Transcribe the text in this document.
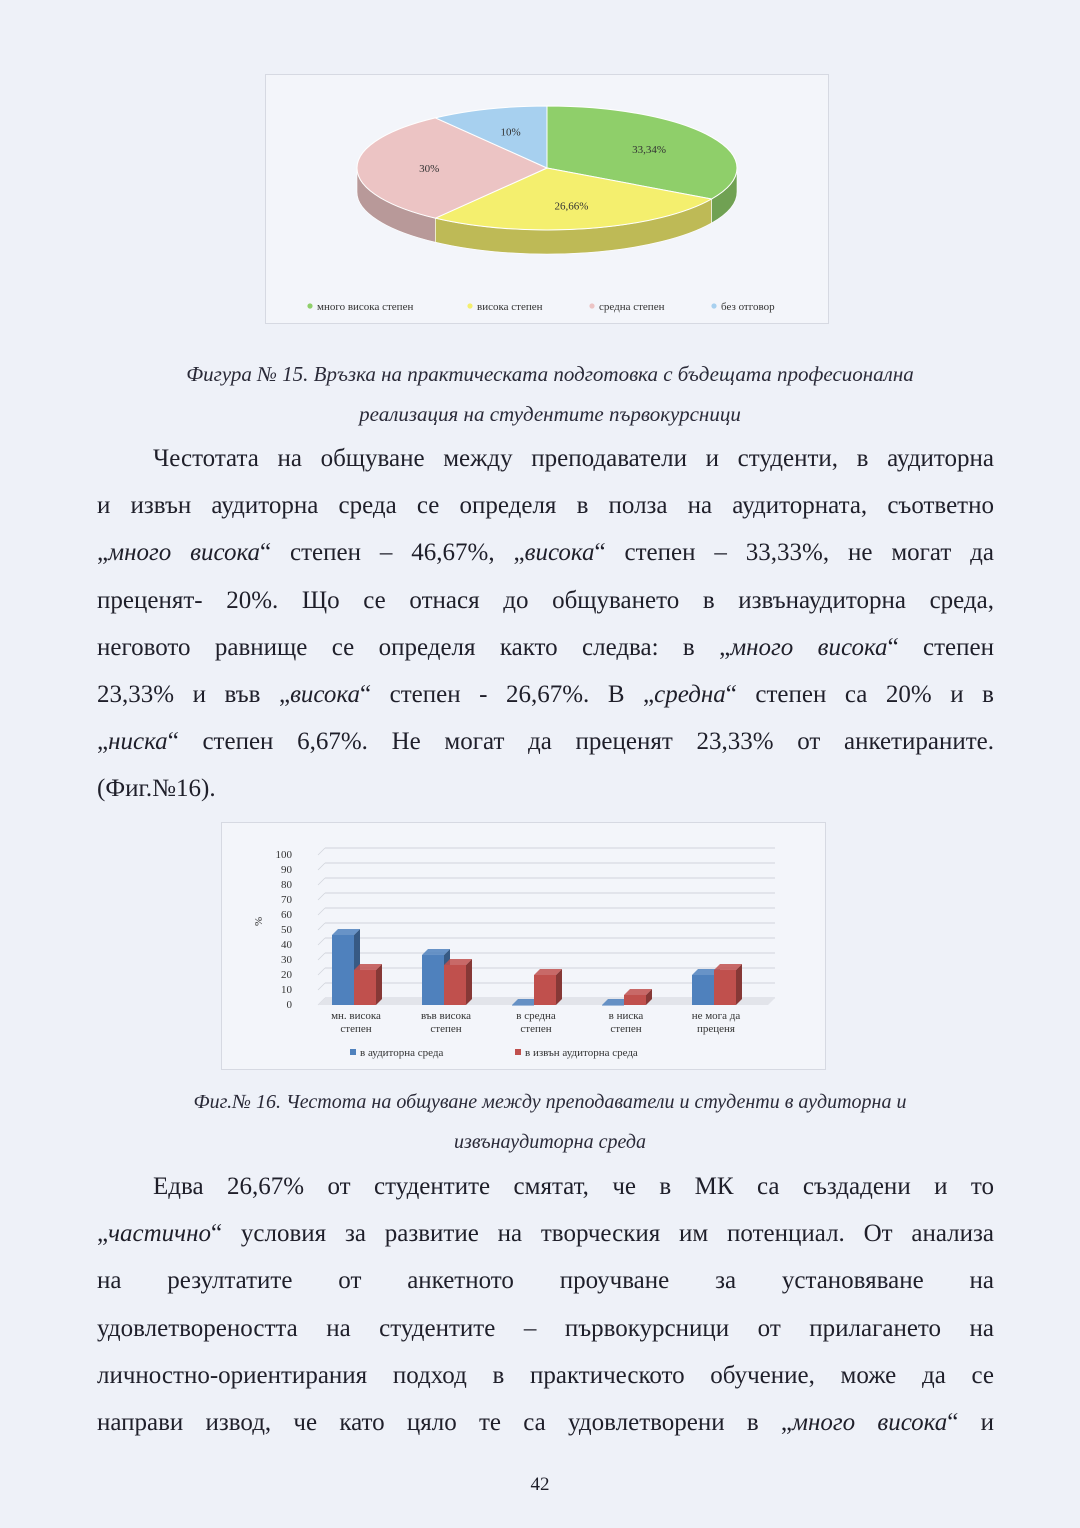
33,34%
26,66%
30%
10%
много висока степен	висока степен	средна степен	без отговор
Фигура № 15. Връзка на практическата подготовка с бъдещата професионална
реализация на студентите първокурсници
Честотата на общуване между преподаватели и студенти, в аудиторна
и извън аудиторна среда се определя в полза на аудиторната, съответно
„много висока“ степен – 46,67%, „висока“ степен – 33,33%, не могат да
преценят- 20%. Що се отнася до общуването в извънаудиторна среда,
неговото равнище се определя както следва: в „много висока“ степен
23,33% и във „висока“ степен - 26,67%. В „средна“ степен са 20% и в
„ниска“ степен 6,67%. Не могат да преценят 23,33% от анкетираните.
(Фиг.№16).
0
10
20
30
40
50
60
70
80
90
100
%
мн. висока
степен
във висока
степен
в средна
степен
в ниска
степен
не мога да
преценя
в аудиторна среда	в извън аудиторна среда
Фиг.№ 16. Честота на общуване между преподаватели и студенти в аудиторна и
извънаудиторна среда
Едва 26,67% от студентите смятат, че в МК са създадени и то
„частично“ условия за развитие на творческия им потенциал. От анализа
на резултатите от анкетното проучване за установяване на
удовлетвореността на студентите – първокурсници от прилагането на
личностно-ориентирания подход в практическото обучение, може да се
направи извод, че като цяло те са удовлетворени в „много висока“ и
42
